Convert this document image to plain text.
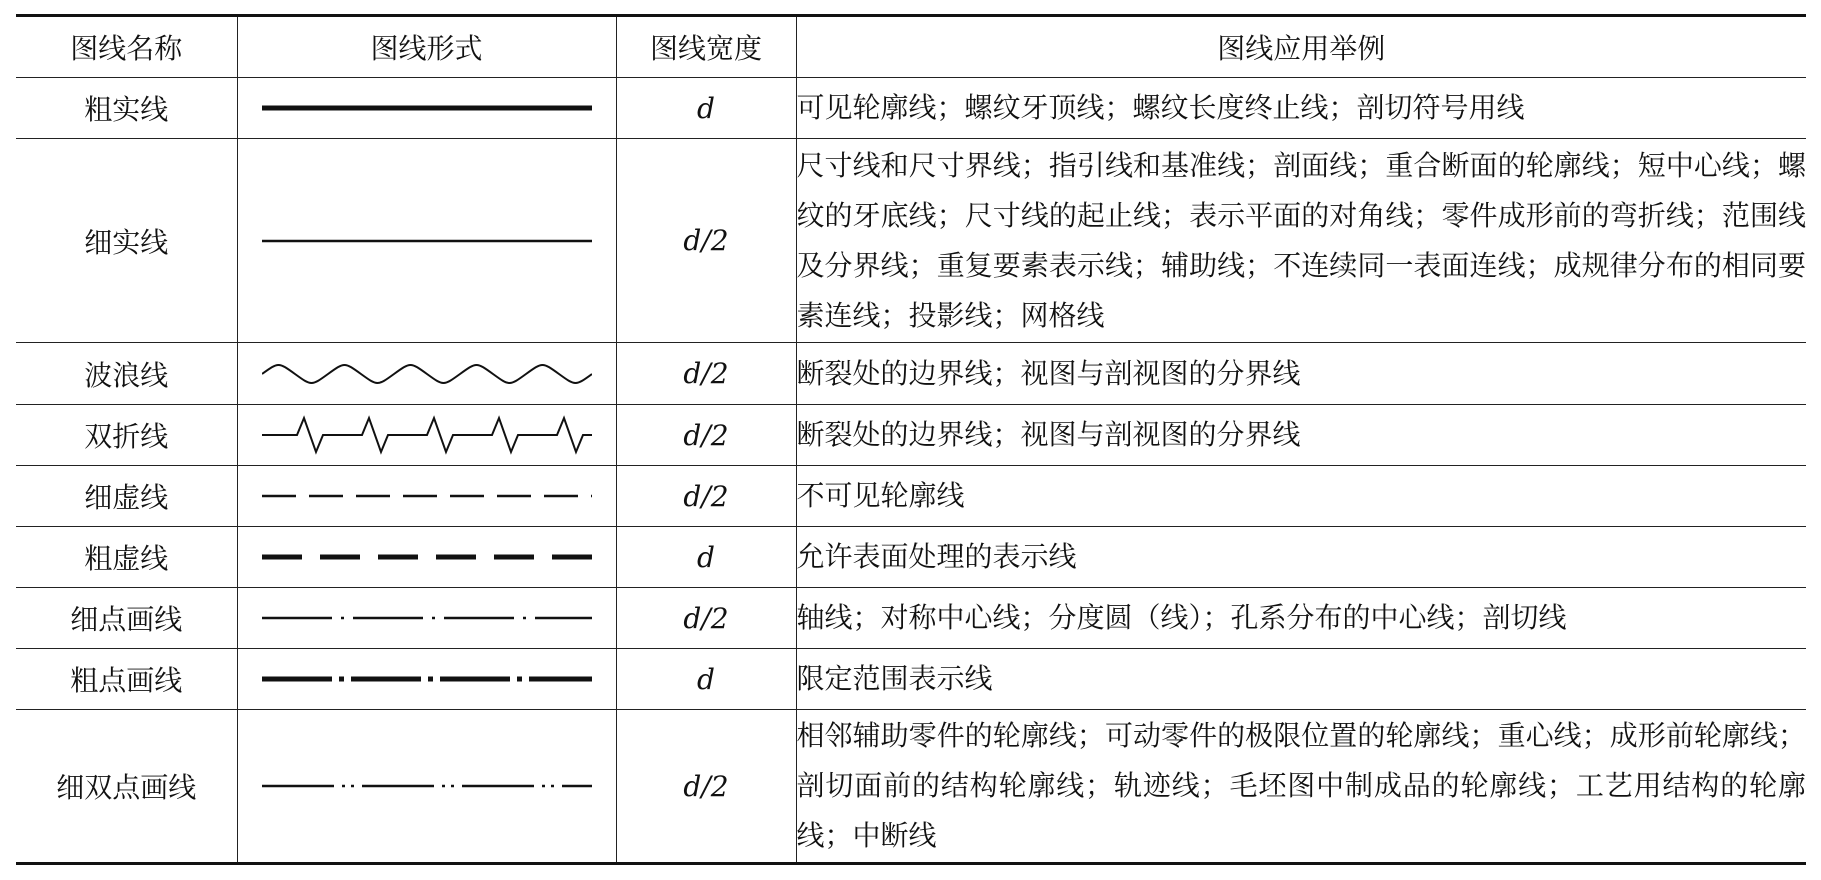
图线名称	图线形式	图线宽度	图线应用举例
粗实线		d	可见轮廓线；螺纹牙顶线；螺纹长度终止线；剖切符号用线
细实线		d/2	尺寸线和尺寸界线；指引线和基准线；剖面线；重合断面的轮廓线；短中心线；螺纹的牙底线；尺寸线的起止线；表示平面的对角线；零件成形前的弯折线；范围线及分界线；重复要素表示线；辅助线；不连续同一表面连线；成规律分布的相同要素连线；投影线；网格线
波浪线		d/2	断裂处的边界线；视图与剖视图的分界线
双折线		d/2	断裂处的边界线；视图与剖视图的分界线
细虚线		d/2	不可见轮廓线
粗虚线		d	允许表面处理的表示线
细点画线		d/2	轴线；对称中心线；分度圆（线）；孔系分布的中心线；剖切线
粗点画线		d	限定范围表示线
细双点画线		d/2	相邻辅助零件的轮廓线；可动零件的极限位置的轮廓线；重心线；成形前轮廓线；剖切面前的结构轮廓线；轨迹线；毛坯图中制成品的轮廓线；工艺用结构的轮廓线；中断线
